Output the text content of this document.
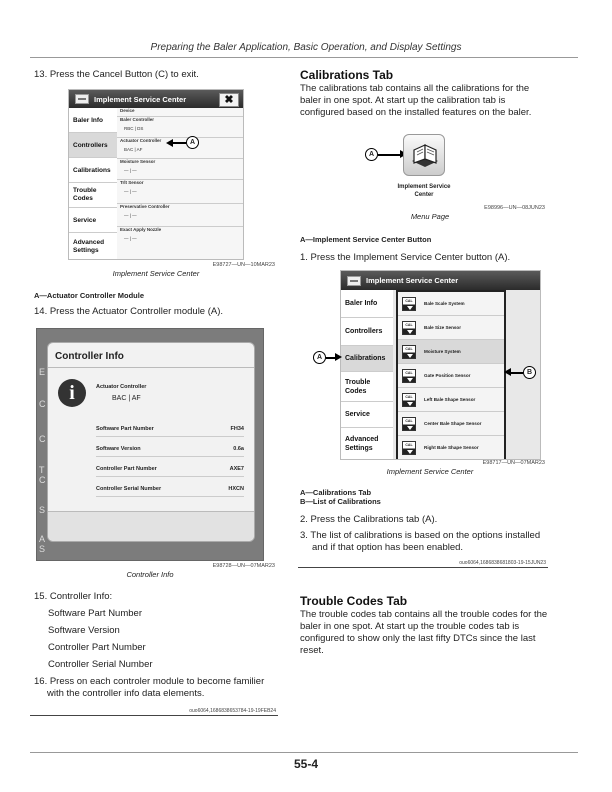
Preparing the Baler Application, Basic Operation, and Display Settings
13. Press the Cancel Button (C) to exit.
Implement Service Center	✖
Baler Info
Controllers
Calibrations
Trouble Codes
Service
Advanced Settings
Device
Baler Controller
RBC | DS
Actuator Controller
BAC | AF
Moisture Sensor
— | —
Trlt Sensor
— | —
Preservative Controller
— | —
Exact Apply Nozzle
— | —
A
E98727—UN—10MAR23
Implement Service Center
A—Actuator Controller Module
14. Press the Actuator Controller module (A).
E
C
C
T C
S
A S
Controller Info
i	Actuator Controller
BAC | AF
Software Part Number	FH34
Software Version	0.6a
Controller Part Number	AXE7
Controller Serial Number	HXCN
E98728—UN—07MAR23
Controller Info
15. Controller Info:
Software Part Number
Software Version
Controller Part Number
Controller Serial Number
16. Press on each controler module to become familier with the controller info data elements.
ouo6064,1686838653784-19-19FEB24
Calibrations Tab
The calibrations tab contains all the calibrations for the baler in one spot. At start up the calibration tab is configured based on the installed features on the baler.
A
Implement Service Center
E98996—UN—08JUN23
Menu Page
A—Implement Service Center Button
1. Press the Implement Service Center button (A).
Implement Service Center
Baler Info
Controllers
Calibrations
Trouble Codes
Service
Advanced Settings
CAL
Bale Scale System
CAL
Bale Size Sensor
CAL
Moisture System
CAL
Gate Position Sensor
CAL
Left Bale Shape Sensor
CAL
Center Bale Shape Sensor
CAL
Right Bale Shape Sensor
A
B
E98717—UN—07MAR23
Implement Service Center
A—Calibrations Tab
B—List of Calibrations
2. Press the Calibrations tab (A).
3. The list of calibrations is based on the options installed and if that option has been enabled.
ouo6064,1686838681803-19-15JUN23
Trouble Codes Tab
The trouble codes tab contains all the trouble codes for the baler in one spot. At start up the trouble codes tab is configured to show only the last fifty DTCs since the last reset.
55-4
